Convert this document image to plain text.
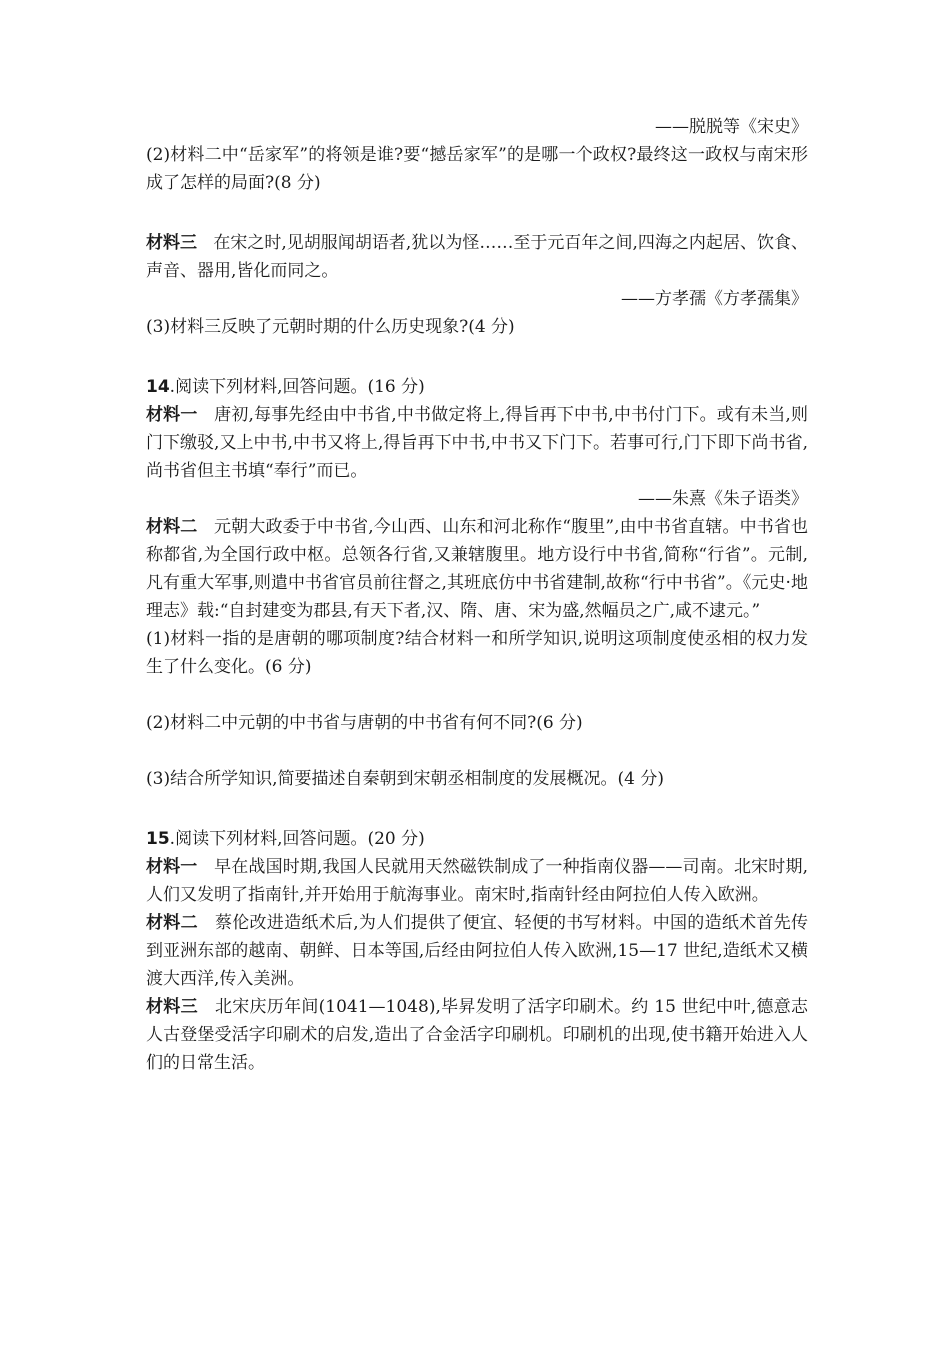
——脱脱等《宋史》

(2)材料二中“岳家军”的将领是谁?要“撼岳家军”的是哪一个政权?最终这一政权与南宋形成了怎样的局面?(8 分)

材料三 在宋之时,见胡服闻胡语者,犹以为怪……至于元百年之间,四海之内起居、饮食、声音、器用,皆化而同之。

——方孝孺《方孝孺集》

(3)材料三反映了元朝时期的什么历史现象?(4 分)

14.阅读下列材料,回答问题。(16 分)

材料一 唐初,每事先经由中书省,中书做定将上,得旨再下中书,中书付门下。或有未当,则门下缴驳,又上中书,中书又将上,得旨再下中书,中书又下门下。若事可行,门下即下尚书省,尚书省但主书填“奉行”而已。

——朱熹《朱子语类》

材料二 元朝大政委于中书省,今山西、山东和河北称作“腹里”,由中书省直辖。中书省也称都省,为全国行政中枢。总领各行省,又兼辖腹里。地方设行中书省,简称“行省”。元制,凡有重大军事,则遣中书省官员前往督之,其班底仿中书省建制,故称“行中书省”。《元史·地理志》载:“自封建变为郡县,有天下者,汉、隋、唐、宋为盛,然幅员之广,咸不逮元。”

(1)材料一指的是唐朝的哪项制度?结合材料一和所学知识,说明这项制度使丞相的权力发生了什么变化。(6 分)

(2)材料二中元朝的中书省与唐朝的中书省有何不同?(6 分)

(3)结合所学知识,简要描述自秦朝到宋朝丞相制度的发展概况。(4 分)

15.阅读下列材料,回答问题。(20 分)

材料一 早在战国时期,我国人民就用天然磁铁制成了一种指南仪器——司南。北宋时期,人们又发明了指南针,并开始用于航海事业。南宋时,指南针经由阿拉伯人传入欧洲。

材料二 蔡伦改进造纸术后,为人们提供了便宜、轻便的书写材料。中国的造纸术首先传到亚洲东部的越南、朝鲜、日本等国,后经由阿拉伯人传入欧洲,15—17 世纪,造纸术又横渡大西洋,传入美洲。

材料三 北宋庆历年间(1041—1048),毕昇发明了活字印刷术。约 15 世纪中叶,德意志人古登堡受活字印刷术的启发,造出了合金活字印刷机。印刷机的出现,使书籍开始进入人们的日常生活。
